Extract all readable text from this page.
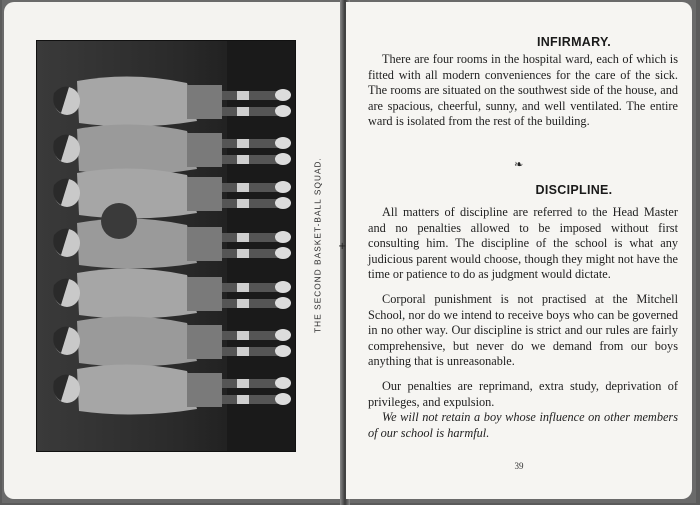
THE SECOND BASKET-BALL SQUAD. +
INFIRMARY.
There are four rooms in the hospital ward, each of which is fitted with all modern conveniences for the care of the sick. The rooms are situated on the southwest side of the house, and are spacious, cheerful, sunny, and well ventilated. The entire ward is isolated from the rest of the building.
❧
DISCIPLINE.
All matters of discipline are referred to the Head Master and no penalties allowed to be imposed without first consulting him. The discipline of the school is what any judicious parent would choose, though they might not have the time or patience to do as judgment would dictate.
Corporal punishment is not practised at the Mitchell School, nor do we intend to receive boys who can be governed in no other way. Our discipline is strict and our rules are fairly comprehensive, but never do we demand from our boys anything that is unreasonable.
Our penalties are reprimand, extra study, deprivation of privileges, and expulsion.
We will not retain a boy whose influence on other members of our school is harmful.
39
